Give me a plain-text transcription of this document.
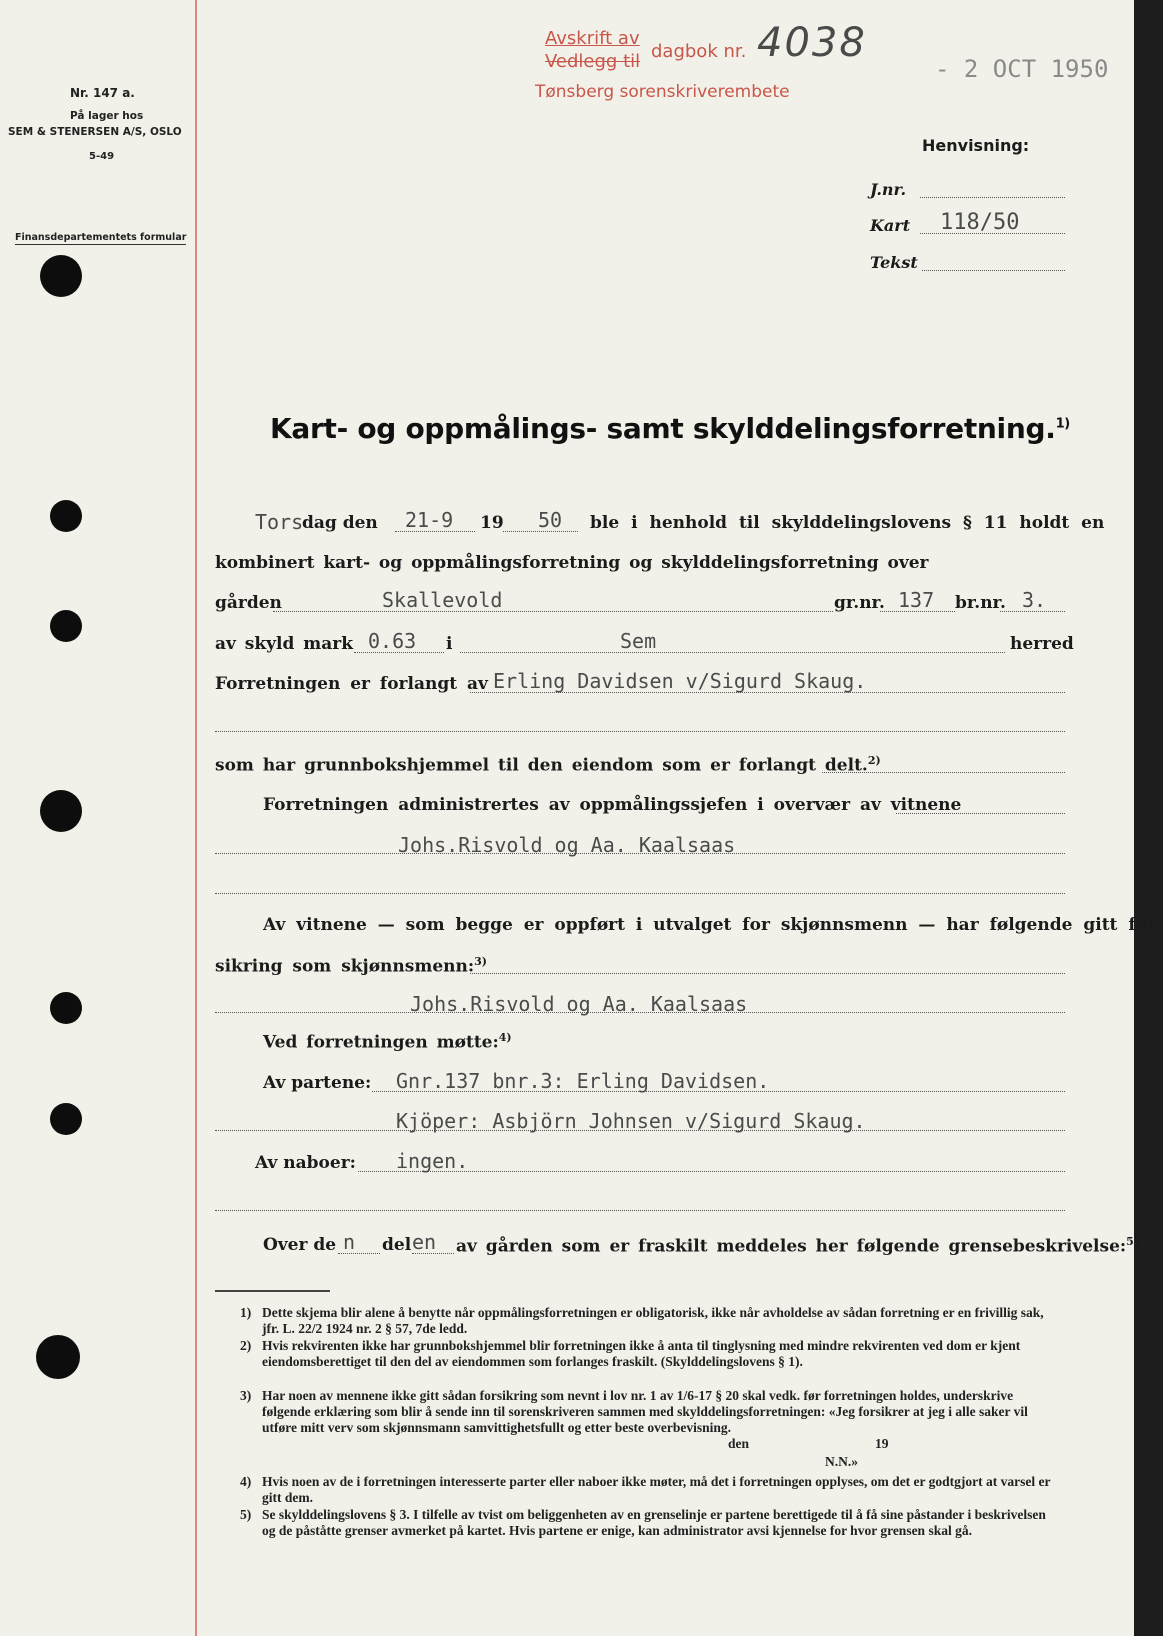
Nr. 147 a.
På lager hos
SEM & STENERSEN A/S, OSLO
5-49
Finansdepartementets formular
Avskrift av
Vedlegg til dagbok nr. 4038
Tønsberg sorenskriverembete
- 2 OCT 1950
Henvisning:
J.nr.
Kart 118/50
Tekst
Kart- og oppmålings- samt skylddelingsforretning.$^{1)}$
Tors
dag den 21-9 19 50 ble i henhold til skylddelingslovens § 11 holdt en
kombinert kart- og oppmålingsforretning og skylddelingsforretning over
gården	Skallevold	gr.nr. 137 br.nr. 3.
av skyld mark 0.63 i	Sem	herred
Forretningen er forlangt av Erling Davidsen v/Sigurd Skaug.
som har grunnbokshjemmel til den eiendom som er forlangt delt.$^{2)}$
Forretningen administrertes av oppmålingssjefen i overvær av vitnene
Johs.Risvold og Aa. Kaalsaas
Av vitnene — som begge er oppført i utvalget for skjønnsmenn — har følgende gitt for-
sikring som skjønnsmenn:$^{3)}$
Johs.Risvold og Aa. Kaalsaas
Ved forretningen møtte:$^{4)}$
Av partene: Gnr.137 bnr.3: Erling Davidsen.
Kjöper: Asbjörn Johnsen v/Sigurd Skaug.
Av naboer: ingen.
Over de n del en av gården som er fraskilt meddeles her følgende grensebeskrivelse:$^{5)}$
1) Dette skjema blir alene å benytte når oppmålingsforretningen er obligatorisk, ikke når avholdelse av sådan forretning er en frivillig sak, jfr. L. 22/2 1924 nr. 2 § 57, 7de ledd.
2) Hvis rekvirenten ikke har grunnbokshjemmel blir forretningen ikke å anta til tinglysning med mindre rekvirenten ved dom er kjent eiendomsberettiget til den del av eiendommen som forlanges fraskilt. (Skylddelingslovens § 1).
3) Har noen av mennene ikke gitt sådan forsikring som nevnt i lov nr. 1 av 1/6-17 § 20 skal vedk. før forretningen holdes, underskrive følgende erklæring som blir å sende inn til sorenskriveren sammen med skylddelingsforretningen: «Jeg forsikrer at jeg i alle saker vil utføre mitt verv som skjønnsmann samvittighetsfullt og etter beste overbevisning.
den	19
N.N.»
4) Hvis noen av de i forretningen interesserte parter eller naboer ikke møter, må det i forretningen opplyses, om det er godtgjort at varsel er gitt dem.
5) Se skylddelingslovens § 3. I tilfelle av tvist om beliggenheten av en grenselinje er partene berettigede til å få sine påstander i beskrivelsen og de påståtte grenser avmerket på kartet. Hvis partene er enige, kan administrator avsi kjennelse for hvor grensen skal gå.
